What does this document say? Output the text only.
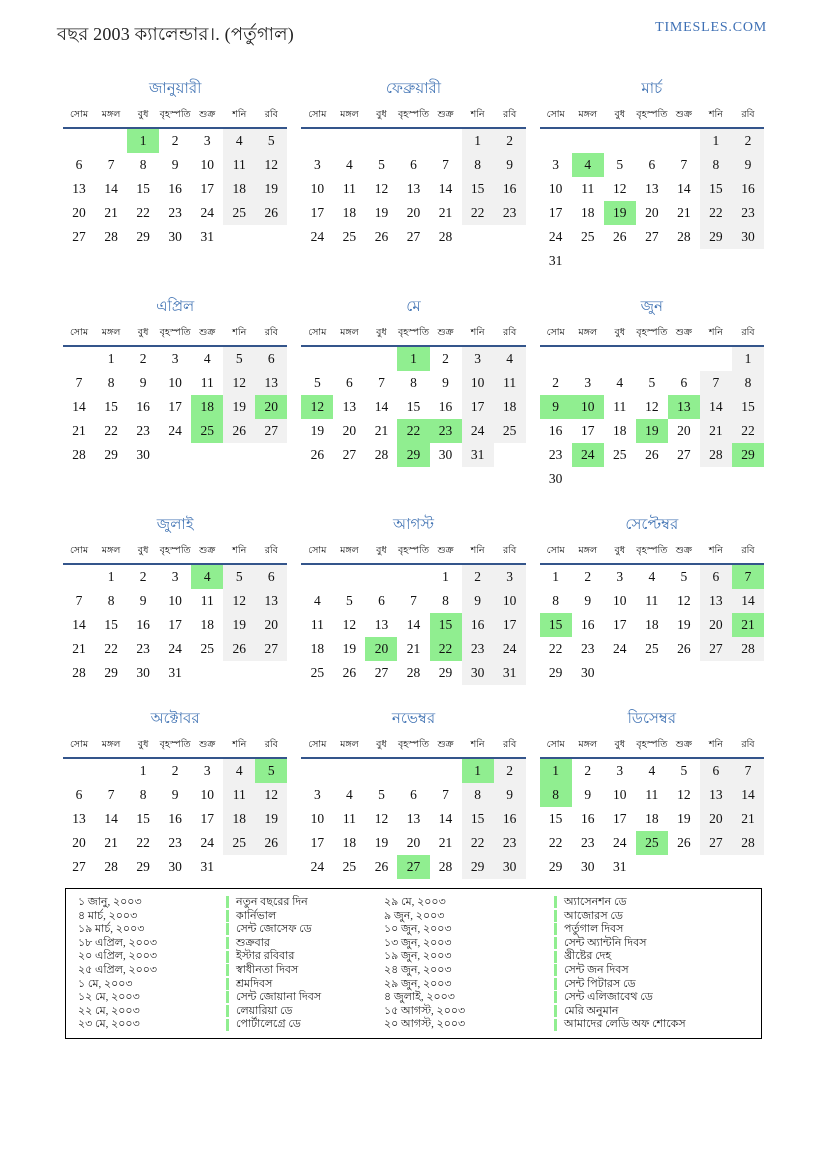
বছর 2003 ক্যালেন্ডার।. (পর্তুগাল)	TIMESLES.COM
জানুয়ারী
সোম	মঙ্গল	বুধ	বৃহস্পতি	শুক্র	শনি	রবি
		1	2	3	4	5
6	7	8	9	10	11	12
13	14	15	16	17	18	19
20	21	22	23	24	25	26
27	28	29	30	31		
ফেব্রুয়ারী
সোম	মঙ্গল	বুধ	বৃহস্পতি	শুক্র	শনি	রবি
					1	2
3	4	5	6	7	8	9
10	11	12	13	14	15	16
17	18	19	20	21	22	23
24	25	26	27	28		
মার্চ
সোম	মঙ্গল	বুধ	বৃহস্পতি	শুক্র	শনি	রবি
					1	2
3	4	5	6	7	8	9
10	11	12	13	14	15	16
17	18	19	20	21	22	23
24	25	26	27	28	29	30
31						
এপ্রিল
সোম	মঙ্গল	বুধ	বৃহস্পতি	শুক্র	শনি	রবি
	1	2	3	4	5	6
7	8	9	10	11	12	13
14	15	16	17	18	19	20
21	22	23	24	25	26	27
28	29	30				
মে
সোম	মঙ্গল	বুধ	বৃহস্পতি	শুক্র	শনি	রবি
			1	2	3	4
5	6	7	8	9	10	11
12	13	14	15	16	17	18
19	20	21	22	23	24	25
26	27	28	29	30	31	
জুন
সোম	মঙ্গল	বুধ	বৃহস্পতি	শুক্র	শনি	রবি
						1
2	3	4	5	6	7	8
9	10	11	12	13	14	15
16	17	18	19	20	21	22
23	24	25	26	27	28	29
30						
জুলাই
সোম	মঙ্গল	বুধ	বৃহস্পতি	শুক্র	শনি	রবি
	1	2	3	4	5	6
7	8	9	10	11	12	13
14	15	16	17	18	19	20
21	22	23	24	25	26	27
28	29	30	31			
আগস্ট
সোম	মঙ্গল	বুধ	বৃহস্পতি	শুক্র	শনি	রবি
				1	2	3
4	5	6	7	8	9	10
11	12	13	14	15	16	17
18	19	20	21	22	23	24
25	26	27	28	29	30	31
সেপ্টেম্বর
সোম	মঙ্গল	বুধ	বৃহস্পতি	শুক্র	শনি	রবি
1	2	3	4	5	6	7
8	9	10	11	12	13	14
15	16	17	18	19	20	21
22	23	24	25	26	27	28
29	30					
অক্টোবর
সোম	মঙ্গল	বুধ	বৃহস্পতি	শুক্র	শনি	রবি
		1	2	3	4	5
6	7	8	9	10	11	12
13	14	15	16	17	18	19
20	21	22	23	24	25	26
27	28	29	30	31		
নভেম্বর
সোম	মঙ্গল	বুধ	বৃহস্পতি	শুক্র	শনি	রবি
					1	2
3	4	5	6	7	8	9
10	11	12	13	14	15	16
17	18	19	20	21	22	23
24	25	26	27	28	29	30
ডিসেম্বর
সোম	মঙ্গল	বুধ	বৃহস্পতি	শুক্র	শনি	রবি
1	2	3	4	5	6	7
8	9	10	11	12	13	14
15	16	17	18	19	20	21
22	23	24	25	26	27	28
29	30	31				
১ জানু, ২০০৩	নতুন বছরের দিন	২৯ মে, ২০০৩	অ্যাসেনশন ডে
৪ মার্চ, ২০০৩	কার্নিভাল	৯ জুন, ২০০৩	আজোরস ডে
১৯ মার্চ, ২০০৩	সেন্ট জোসেফ ডে	১০ জুন, ২০০৩	পর্তুগাল দিবস
১৮ এপ্রিল, ২০০৩	শুক্রবার	১৩ জুন, ২০০৩	সেন্ট অ্যান্টনি দিবস
২০ এপ্রিল, ২০০৩	ইস্টার রবিবার	১৯ জুন, ২০০৩	খ্রীষ্টের দেহ
২৫ এপ্রিল, ২০০৩	স্বাধীনতা দিবস	২৪ জুন, ২০০৩	সেন্ট জন দিবস
১ মে, ২০০৩	শ্রমদিবস	২৯ জুন, ২০০৩	সেন্ট পিটারস ডে
১২ মে, ২০০৩	সেন্ট জোয়ানা দিবস	৪ জুলাই, ২০০৩	সেন্ট এলিজাবেথ ডে
২২ মে, ২০০৩	লেয়ারিয়া ডে	১৫ আগস্ট, ২০০৩	মেরি অনুমান
২৩ মে, ২০০৩	পোর্টালেগ্রে ডে	২০ আগস্ট, ২০০৩	আমাদের লেডি অফ শোকেস
